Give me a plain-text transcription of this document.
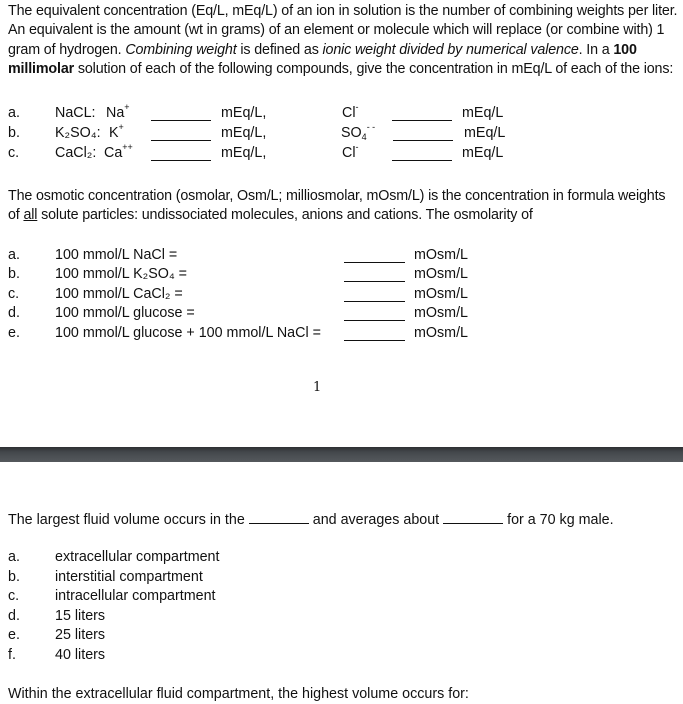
The equivalent concentration (Eq/L, mEq/L) of an ion in solution is the number of combining weights per liter. An equivalent is the amount (wt in grams) of an element or molecule which will replace (or combine with) 1 gram of hydrogen. Combining weight is defined as ionic weight divided by numerical valence. In a 100 millimolar solution of each of the following compounds, give the concentration in mEq/L of each of the ions:
a. NaCL: Na+	mEq/L,	Cl-	mEq/L
b. K₂SO₄: K+	mEq/L,	$SO_4^{- -}$	mEq/L
c.	CaCl₂: Ca++	mEq/L,	Cl-	mEq/L
The osmotic concentration (osmolar, Osm/L; milliosmolar, mOsm/L) is the concentration in formula weights of all solute particles: undissociated molecules, anions and cations. The osmolarity of
a. 100 mmol/L NaCl =	mOsm/L
b. 100 mmol/L K₂SO₄ =	mOsm/L
c.	100 mmol/L CaCl₂ =	mOsm/L
d. 100 mmol/L glucose =	mOsm/L
e. 100 mmol/L glucose + 100 mmol/L NaCl =	mOsm/L
1
The largest fluid volume occurs in the	and averages about	for a 70 kg male.
a. extracellular compartment
b. interstitial compartment
c.	intracellular compartment
d. 15 liters
e. 25 liters
f.	40 liters
Within the extracellular fluid compartment, the highest volume occurs for:
